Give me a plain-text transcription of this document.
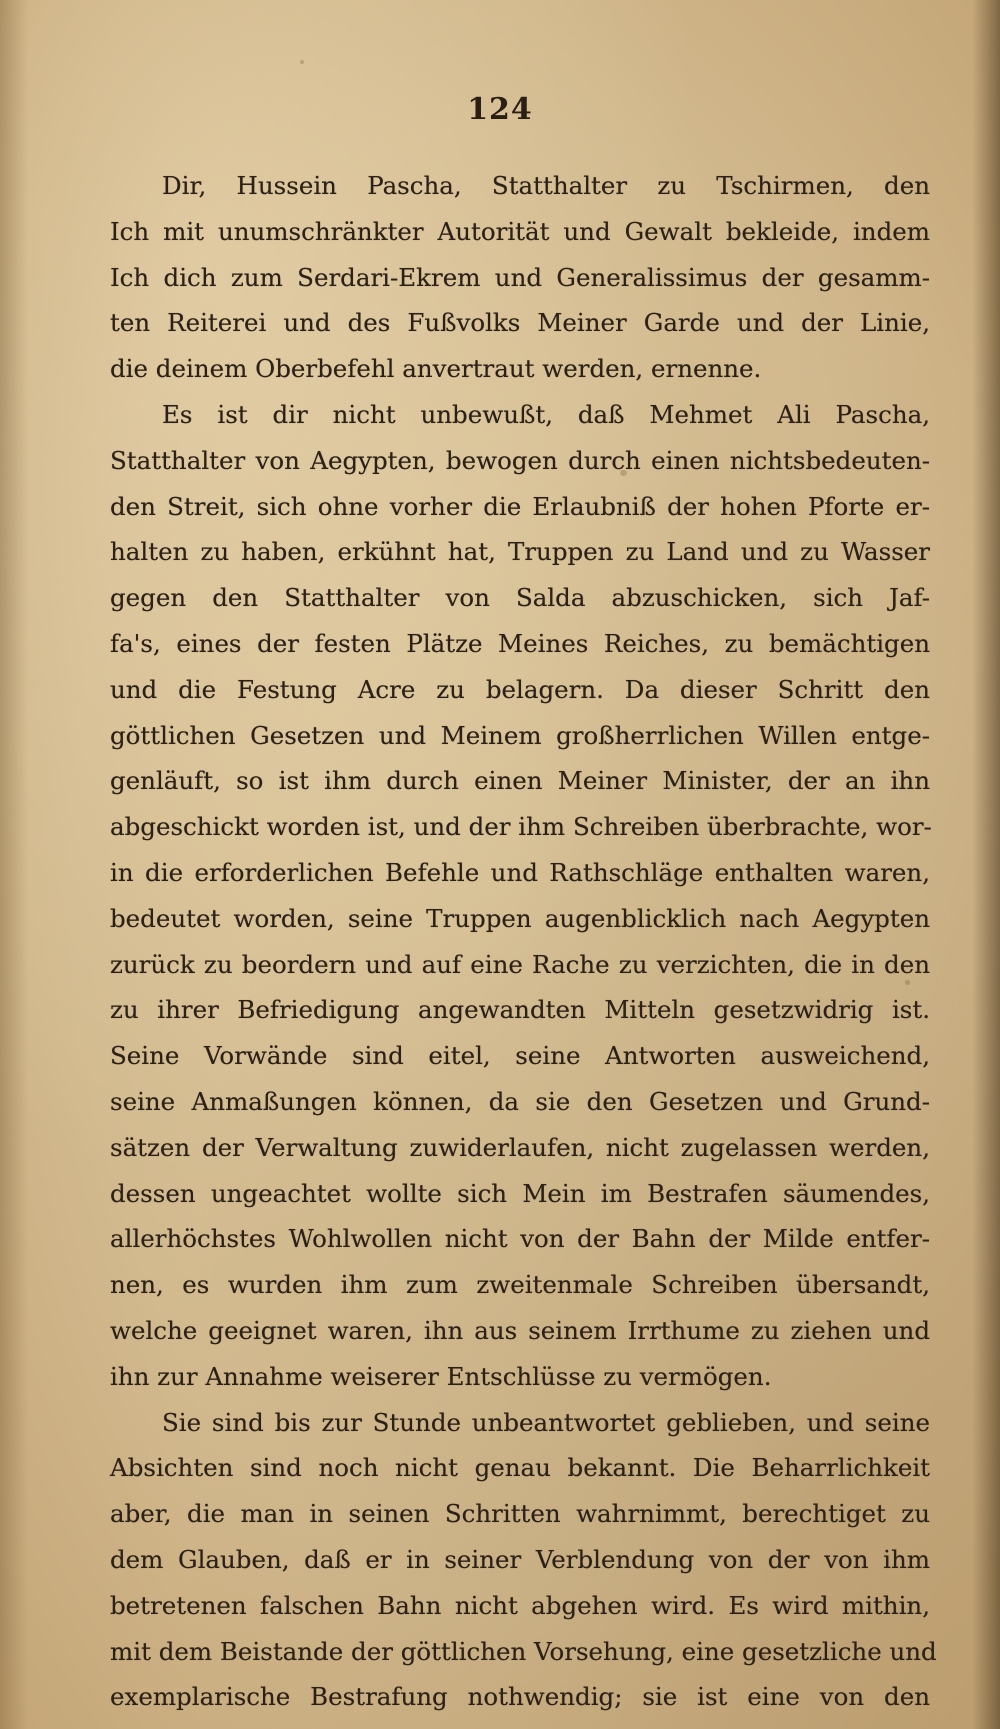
124
Dir, Hussein Pascha, Statthalter zu Tschirmen, den
Ich mit unumschränkter Autorität und Gewalt bekleide, indem
Ich dich zum Serdari-Ekrem und Generalissimus der gesamm-
ten Reiterei und des Fußvolks Meiner Garde und der Linie,
die deinem Oberbefehl anvertraut werden, ernenne.
Es ist dir nicht unbewußt, daß Mehmet Ali Pascha,
Statthalter von Aegypten, bewogen durch einen nichtsbedeuten-
den Streit, sich ohne vorher die Erlaubniß der hohen Pforte er-
halten zu haben, erkühnt hat, Truppen zu Land und zu Wasser
gegen den Statthalter von Salda abzuschicken, sich Jaf-
fa's, eines der festen Plätze Meines Reiches, zu bemächtigen
und die Festung Acre zu belagern. Da dieser Schritt den
göttlichen Gesetzen und Meinem großherrlichen Willen entge-
genläuft, so ist ihm durch einen Meiner Minister, der an ihn
abgeschickt worden ist, und der ihm Schreiben überbrachte, wor-
in die erforderlichen Befehle und Rathschläge enthalten waren,
bedeutet worden, seine Truppen augenblicklich nach Aegypten
zurück zu beordern und auf eine Rache zu verzichten, die in den
zu ihrer Befriedigung angewandten Mitteln gesetzwidrig ist.
Seine Vorwände sind eitel, seine Antworten ausweichend,
seine Anmaßungen können, da sie den Gesetzen und Grund-
sätzen der Verwaltung zuwiderlaufen, nicht zugelassen werden,
dessen ungeachtet wollte sich Mein im Bestrafen säumendes,
allerhöchstes Wohlwollen nicht von der Bahn der Milde entfer-
nen, es wurden ihm zum zweitenmale Schreiben übersandt,
welche geeignet waren, ihn aus seinem Irrthume zu ziehen und
ihn zur Annahme weiserer Entschlüsse zu vermögen.
Sie sind bis zur Stunde unbeantwortet geblieben, und seine
Absichten sind noch nicht genau bekannt. Die Beharrlichkeit
aber, die man in seinen Schritten wahrnimmt, berechtiget zu
dem Glauben, daß er in seiner Verblendung von der von ihm
betretenen falschen Bahn nicht abgehen wird. Es wird mithin,
mit dem Beistande der göttlichen Vorsehung, eine gesetzliche und
exemplarische Bestrafung nothwendig; sie ist eine von den
